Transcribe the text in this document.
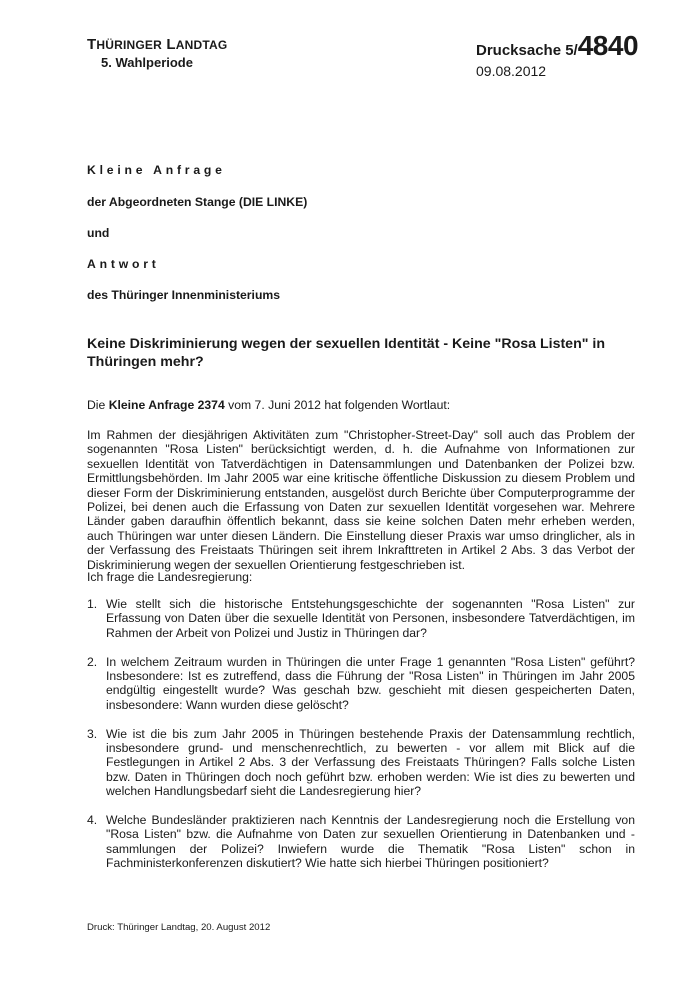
THÜRINGER LANDTAG
5. Wahlperiode
Drucksache 5/4840
09.08.2012
Kleine Anfrage
der Abgeordneten Stange (DIE LINKE)
und
Antwort
des Thüringer Innenministeriums
Keine Diskriminierung wegen der sexuellen Identität - Keine "Rosa Listen" in Thüringen mehr?
Die Kleine Anfrage 2374 vom 7. Juni 2012 hat folgenden Wortlaut:
Im Rahmen der diesjährigen Aktivitäten zum "Christopher-Street-Day" soll auch das Problem der sogenannten "Rosa Listen" berücksichtigt werden, d. h. die Aufnahme von Informationen zur sexuellen Identität von Tatverdächtigen in Datensammlungen und Datenbanken der Polizei bzw. Ermittlungsbehörden. Im Jahr 2005 war eine kritische öffentliche Diskussion zu diesem Problem und dieser Form der Diskriminierung entstanden, ausgelöst durch Berichte über Computerprogramme der Polizei, bei denen auch die Erfassung von Daten zur sexuellen Identität vorgesehen war. Mehrere Länder gaben daraufhin öffentlich bekannt, dass sie keine solchen Daten mehr erheben werden, auch Thüringen war unter diesen Ländern. Die Einstellung dieser Praxis war umso dringlicher, als in der Verfassung des Freistaats Thüringen seit ihrem Inkrafttreten in Artikel 2 Abs. 3 das Verbot der Diskriminierung wegen der sexuellen Orientierung festgeschrieben ist.
Ich frage die Landesregierung:
1. Wie stellt sich die historische Entstehungsgeschichte der sogenannten "Rosa Listen" zur Erfassung von Daten über die sexuelle Identität von Personen, insbesondere Tatverdächtigen, im Rahmen der Arbeit von Polizei und Justiz in Thüringen dar?
2. In welchem Zeitraum wurden in Thüringen die unter Frage 1 genannten "Rosa Listen" geführt? Insbesondere: Ist es zutreffend, dass die Führung der "Rosa Listen" in Thüringen im Jahr 2005 endgültig eingestellt wurde? Was geschah bzw. geschieht mit diesen gespeicherten Daten, insbesondere: Wann wurden diese gelöscht?
3. Wie ist die bis zum Jahr 2005 in Thüringen bestehende Praxis der Datensammlung rechtlich, insbesondere grund- und menschenrechtlich, zu bewerten - vor allem mit Blick auf die Festlegungen in Artikel 2 Abs. 3 der Verfassung des Freistaats Thüringen? Falls solche Listen bzw. Daten in Thüringen doch noch geführt bzw. erhoben werden: Wie ist dies zu bewerten und welchen Handlungsbedarf sieht die Landesregierung hier?
4. Welche Bundesländer praktizieren nach Kenntnis der Landesregierung noch die Erstellung von "Rosa Listen" bzw. die Aufnahme von Daten zur sexuellen Orientierung in Datenbanken und -sammlungen der Polizei? Inwiefern wurde die Thematik "Rosa Listen" schon in Fachministerkonferenzen diskutiert? Wie hatte sich hierbei Thüringen positioniert?
Druck: Thüringer Landtag, 20. August 2012
